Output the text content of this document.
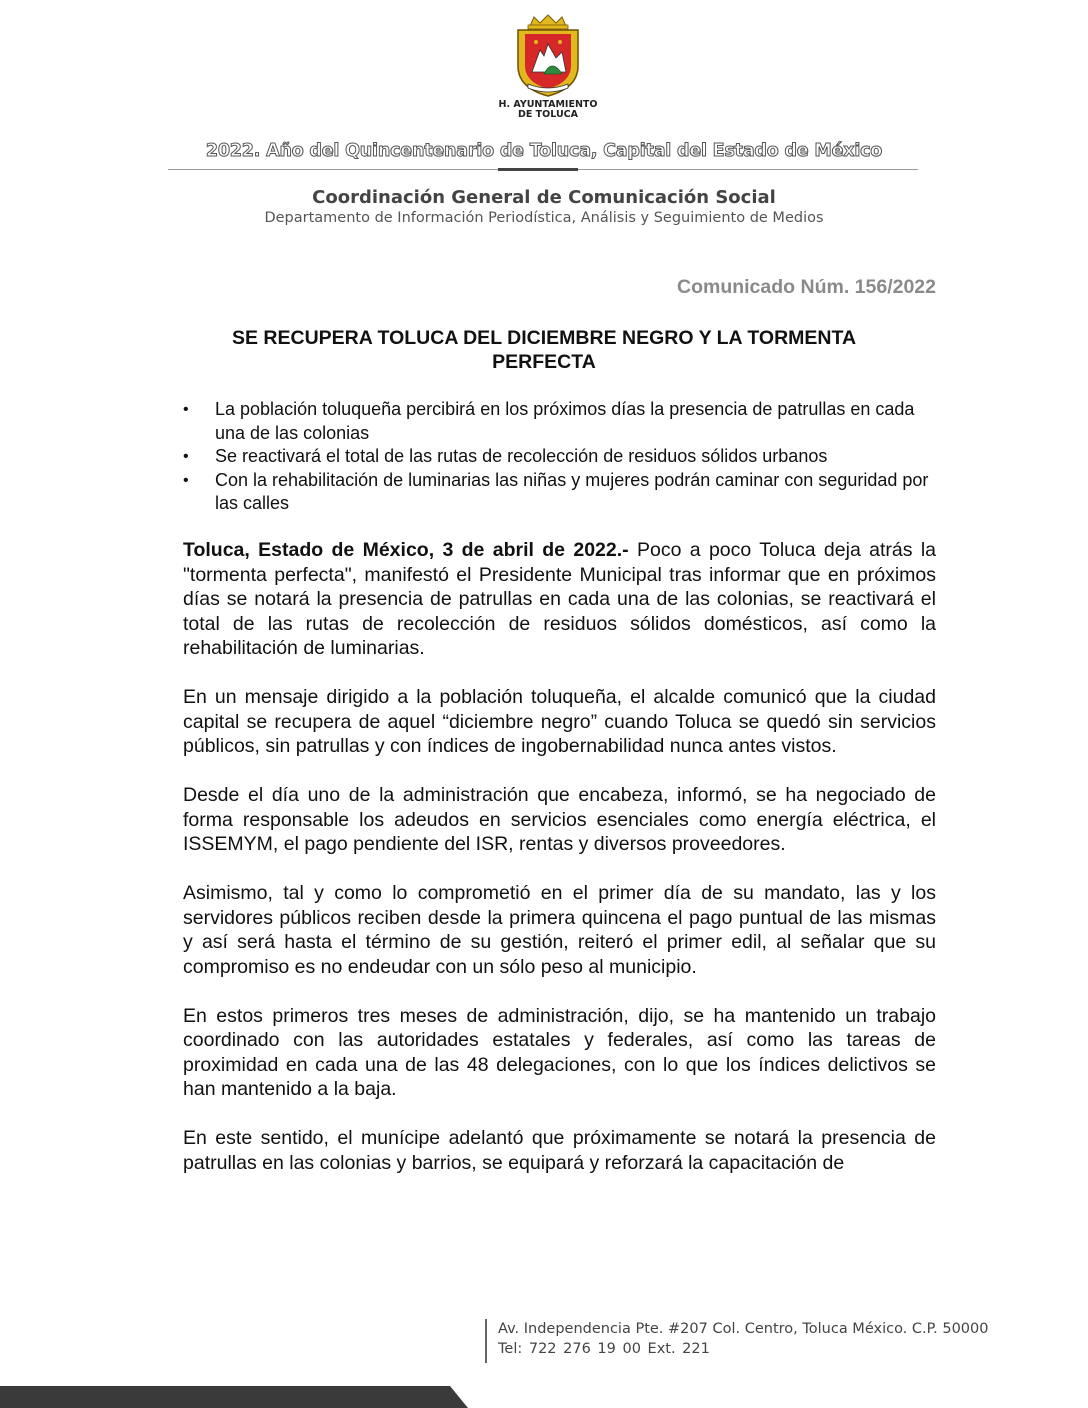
H. AYUNTAMIENTO
DE TOLUCA
2022. Año del Quincentenario de Toluca, Capital del Estado de México
Coordinación General de Comunicación Social
Departamento de Información Periodística, Análisis y Seguimiento de Medios
Comunicado Núm. 156/2022
SE RECUPERA TOLUCA DEL DICIEMBRE NEGRO Y LA TORMENTA PERFECTA
• La población toluqueña percibirá en los próximos días la presencia de patrullas en cada una de las colonias
• Se reactivará el total de las rutas de recolección de residuos sólidos urbanos
• Con la rehabilitación de luminarias las niñas y mujeres podrán caminar con seguridad por las calles

Toluca, Estado de México, 3 de abril de 2022.- Poco a poco Toluca deja atrás la "tormenta perfecta", manifestó el Presidente Municipal tras informar que en próximos días se notará la presencia de patrullas en cada una de las colonias, se reactivará el total de las rutas de recolección de residuos sólidos domésticos, así como la rehabilitación de luminarias.

En un mensaje dirigido a la población toluqueña, el alcalde comunicó que la ciudad capital se recupera de aquel “diciembre negro” cuando Toluca se quedó sin servicios públicos, sin patrullas y con índices de ingobernabilidad nunca antes vistos.

Desde el día uno de la administración que encabeza, informó, se ha negociado de forma responsable los adeudos en servicios esenciales como energía eléctrica, el ISSEMYM, el pago pendiente del ISR, rentas y diversos proveedores.

Asimismo, tal y como lo comprometió en el primer día de su mandato, las y los servidores públicos reciben desde la primera quincena el pago puntual de las mismas y así será hasta el término de su gestión, reiteró el primer edil, al señalar que su compromiso es no endeudar con un sólo peso al municipio.

En estos primeros tres meses de administración, dijo, se ha mantenido un trabajo coordinado con las autoridades estatales y federales, así como las tareas de proximidad en cada una de las 48 delegaciones, con lo que los índices delictivos se han mantenido a la baja.

En este sentido, el munícipe adelantó que próximamente se notará la presencia de patrullas en las colonias y barrios, se equipará y reforzará la capacitación de

Av. Independencia Pte. #207 Col. Centro, Toluca México. C.P. 50000
Tel: 722 276 19 00 Ext. 221
